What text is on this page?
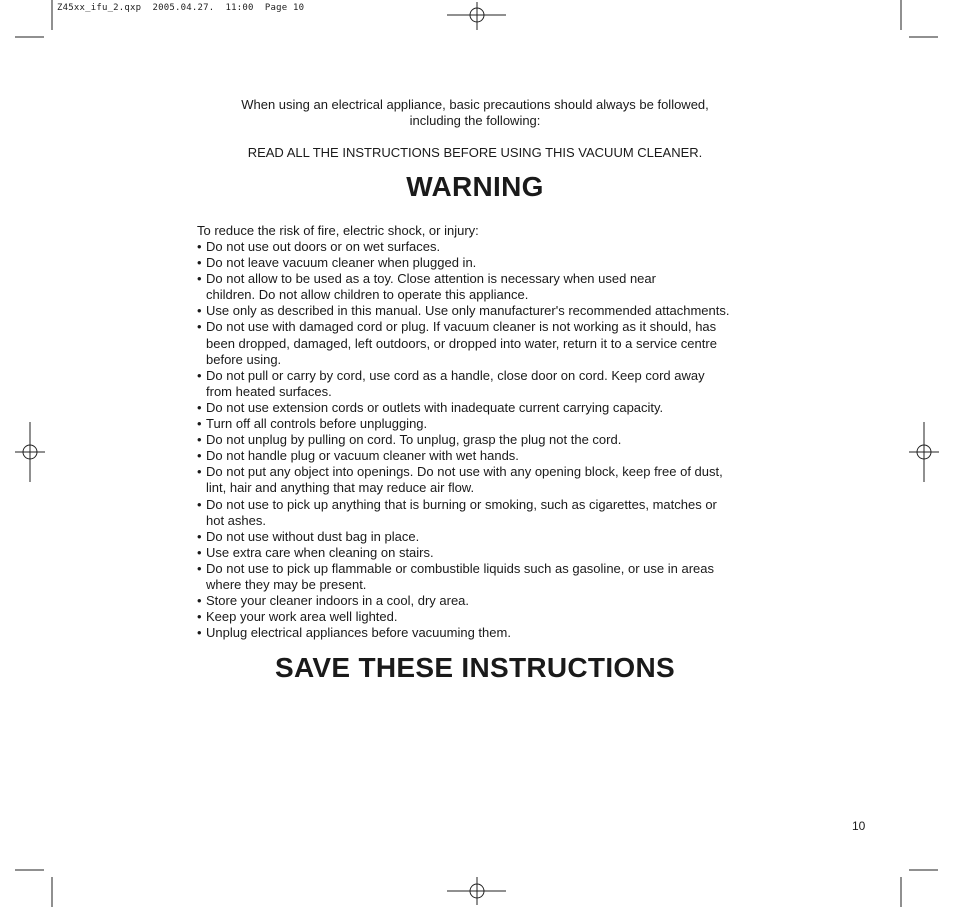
Z45xx_ifu_2.qxp  2005.04.27.  11:00  Page 10

When using an electrical appliance, basic precautions should always be followed,

including the following:

READ ALL THE INSTRUCTIONS BEFORE USING THIS VACUUM CLEANER.
WARNING
To reduce the risk of fire, electric shock, or injury:
• Do not use out doors or on wet surfaces.
• Do not leave vacuum cleaner when plugged in.
• Do not allow to be used as a toy. Close attention is necessary when used near
children. Do not allow children to operate this appliance.
• Use only as described in this manual. Use only manufacturer's recommended attachments.
• Do not use with damaged cord or plug. If vacuum cleaner is not working as it should, has
been dropped, damaged, left outdoors, or dropped into water, return it to a service centre
before using.
• Do not pull or carry by cord, use cord as a handle, close door on cord. Keep cord away
from heated surfaces.
• Do not use extension cords or outlets with inadequate current carrying capacity.
• Turn off all controls before unplugging.
• Do not unplug by pulling on cord. To unplug, grasp the plug not the cord.
• Do not handle plug or vacuum cleaner with wet hands.
• Do not put any object into openings. Do not use with any opening block, keep free of dust,
lint, hair and anything that may reduce air flow.
• Do not use to pick up anything that is burning or smoking, such as cigarettes, matches or
hot ashes.
• Do not use without dust bag in place.
• Use extra care when cleaning on stairs.
• Do not use to pick up flammable or combustible liquids such as gasoline, or use in areas
where they may be present.
• Store your cleaner indoors in a cool, dry area.
• Keep your work area well lighted.
• Unplug electrical appliances before vacuuming them.
SAVE THESE INSTRUCTIONS
10
